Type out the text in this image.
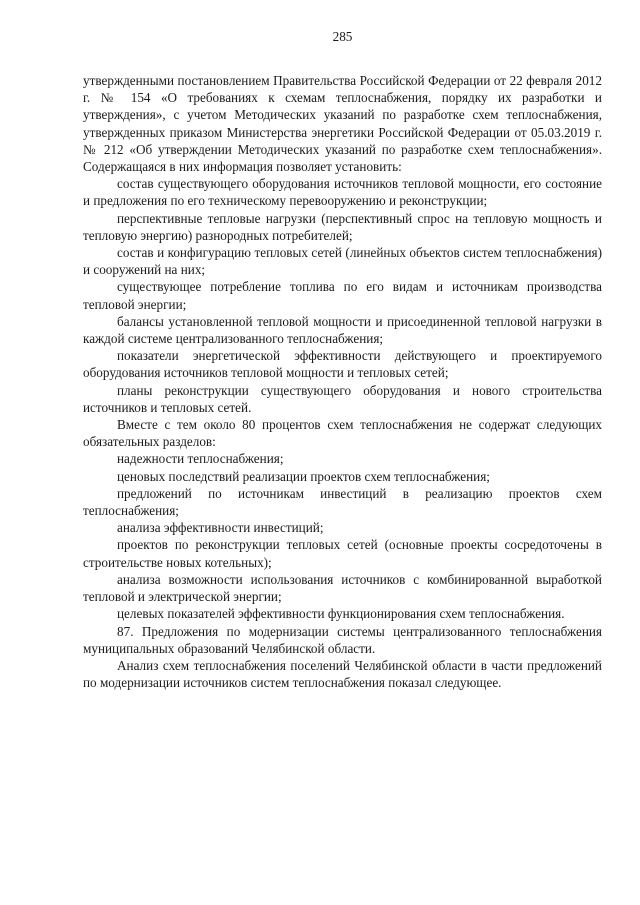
285

утвержденными постановлением Правительства Российской Федерации от 22 февраля 2012 г. № 154 «О требованиях к схемам теплоснабжения, порядку их разработки и утверждения», с учетом Методических указаний по разработке схем теплоснабжения, утвержденных приказом Министерства энергетики Российской Федерации от 05.03.2019 г. № 212 «Об утверждении Методических указаний по разработке схем теплоснабжения». Содержащаяся в них информация позволяет установить:

состав существующего оборудования источников тепловой мощности, его состояние и предложения по его техническому перевооружению и реконструкции;

перспективные тепловые нагрузки (перспективный спрос на тепловую мощность и тепловую энергию) разнородных потребителей;

состав и конфигурацию тепловых сетей (линейных объектов систем теплоснабжения) и сооружений на них;

существующее потребление топлива по его видам и источникам производства тепловой энергии;

балансы установленной тепловой мощности и присоединенной тепловой нагрузки в каждой системе централизованного теплоснабжения;

показатели энергетической эффективности действующего и проектируемого оборудования источников тепловой мощности и тепловых сетей;

планы реконструкции существующего оборудования и нового строительства источников и тепловых сетей.

Вместе с тем около 80 процентов схем теплоснабжения не содержат следующих обязательных разделов:

надежности теплоснабжения;

ценовых последствий реализации проектов схем теплоснабжения;

предложений по источникам инвестиций в реализацию проектов схем теплоснабжения;

анализа эффективности инвестиций;

проектов по реконструкции тепловых сетей (основные проекты сосредоточены в строительстве новых котельных);

анализа возможности использования источников с комбинированной выработкой тепловой и электрической энергии;

целевых показателей эффективности функционирования схем теплоснабжения.

87. Предложения по модернизации системы централизованного теплоснабжения муниципальных образований Челябинской области.

Анализ схем теплоснабжения поселений Челябинской области в части предложений по модернизации источников систем теплоснабжения показал следующее.
